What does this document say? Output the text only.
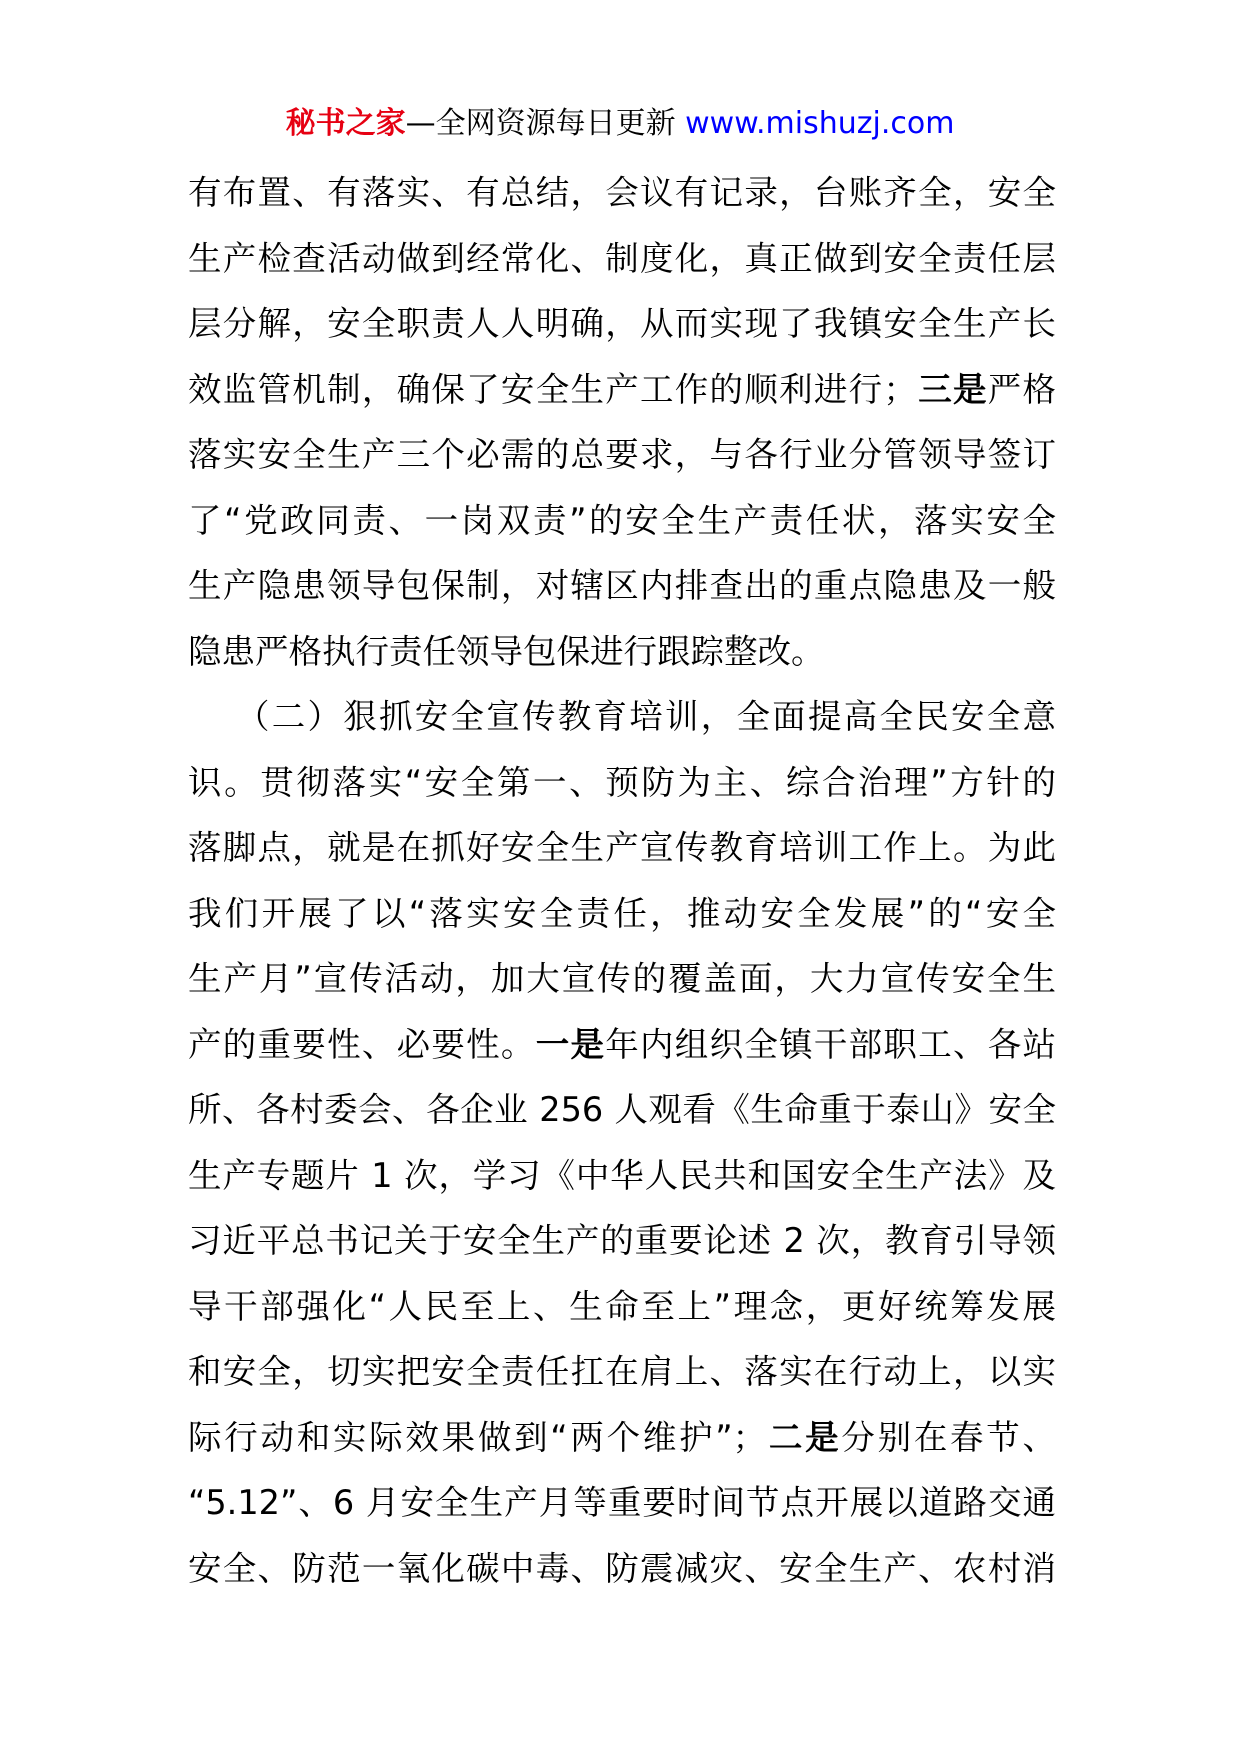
秘书之家—全网资源每日更新 www.mishuzj.com
有布置、有落实、有总结，会议有记录，台账齐全，安全
生产检查活动做到经常化、制度化，真正做到安全责任层
层分解，安全职责人人明确，从而实现了我镇安全生产长
效监管机制，确保了安全生产工作的顺利进行；三是严格
落实安全生产三个必需的总要求，与各行业分管领导签订
了“党政同责、一岗双责”的安全生产责任状，落实安全
生产隐患领导包保制，对辖区内排查出的重点隐患及一般
隐患严格执行责任领导包保进行跟踪整改。
（二）狠抓安全宣传教育培训，全面提高全民安全意
识。贯彻落实“安全第一、预防为主、综合治理”方针的
落脚点，就是在抓好安全生产宣传教育培训工作上。为此
我们开展了以“落实安全责任，推动安全发展”的“安全
生产月”宣传活动，加大宣传的覆盖面，大力宣传安全生
产的重要性、必要性。一是年内组织全镇干部职工、各站
所、各村委会、各企业 256 人观看《生命重于泰山》安全
生产专题片 1 次，学习《中华人民共和国安全生产法》及
习近平总书记关于安全生产的重要论述 2 次，教育引导领
导干部强化“人民至上、生命至上”理念，更好统筹发展
和安全，切实把安全责任扛在肩上、落实在行动上，以实
际行动和实际效果做到“两个维护”；二是分别在春节、
“5.12”、6 月安全生产月等重要时间节点开展以道路交通
安全、防范一氧化碳中毒、防震减灾、安全生产、农村消
